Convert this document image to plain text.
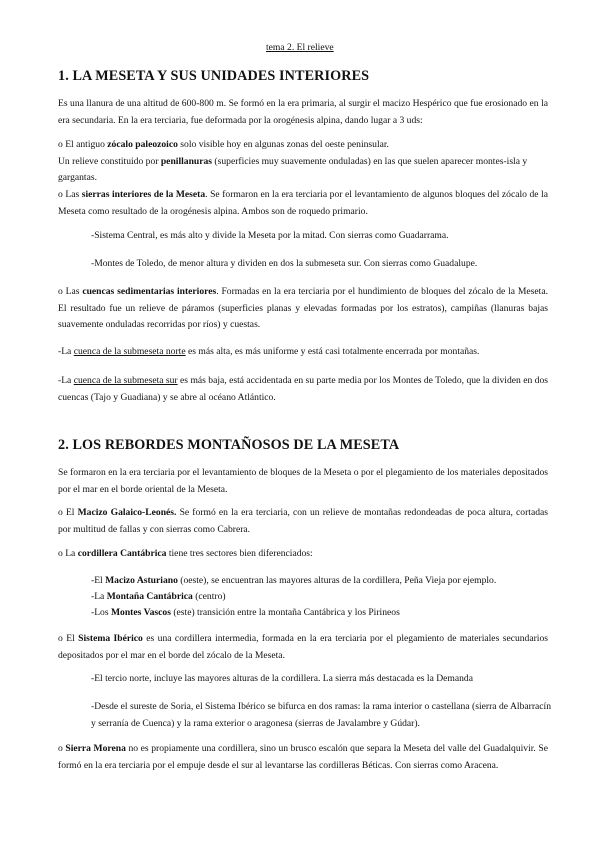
tema 2. El relieve
1. LA MESETA Y SUS UNIDADES INTERIORES

Es una llanura de una altitud de 600-800 m. Se formó en la era primaria, al surgir el macizo Hespérico que fue erosionado en la era secundaria. En la era terciaria, fue deformada por la orogénesis alpina, dando lugar a 3 uds:

o El antiguo zócalo paleozoico solo visible hoy en algunas zonas del oeste peninsular.
Un relieve constituido por penillanuras (superficies muy suavemente onduladas) en las que suelen aparecer montes-isla y gargantas.

o Las sierras interiores de la Meseta. Se formaron en la era terciaria por el levantamiento de algunos bloques del zócalo de la Meseta como resultado de la orogénesis alpina. Ambos son de roquedo primario.

-Sistema Central, es más alto y divide la Meseta por la mitad. Con sierras como Guadarrama.

-Montes de Toledo, de menor altura y dividen en dos la submeseta sur. Con sierras como Guadalupe.

o Las cuencas sedimentarias interiores. Formadas en la era terciaria por el hundimiento de bloques del zócalo de la Meseta. El resultado fue un relieve de páramos (superficies planas y elevadas formadas por los estratos), campiñas (llanuras bajas suavemente onduladas recorridas por ríos) y cuestas.

-La cuenca de la submeseta norte es más alta, es más uniforme y está casi totalmente encerrada por montañas.

-La cuenca de la submeseta sur es más baja, está accidentada en su parte media por los Montes de Toledo, que la dividen en dos cuencas (Tajo y Guadiana) y se abre al océano Atlántico.

2. LOS REBORDES MONTAÑOSOS DE LA MESETA

Se formaron en la era terciaria por el levantamiento de bloques de la Meseta o por el plegamiento de los materiales depositados por el mar en el borde oriental de la Meseta.

o El Macizo Galaico-Leonés. Se formó en la era terciaria, con un relieve de montañas redondeadas de poca altura, cortadas por multitud de fallas y con sierras como Cabrera.

o La cordillera Cantábrica tiene tres sectores bien diferenciados:

-El Macizo Asturiano (oeste), se encuentran las mayores alturas de la cordillera, Peña Vieja por ejemplo.

-La Montaña Cantábrica (centro)

-Los Montes Vascos (este) transición entre la montaña Cantábrica y los Pirineos

o El Sistema Ibérico es una cordillera intermedia, formada en la era terciaria por el plegamiento de materiales secundarios depositados por el mar en el borde del zócalo de la Meseta.

-El tercio norte, incluye las mayores alturas de la cordillera. La sierra más destacada es la Demanda

-Desde el sureste de Soria, el Sistema Ibérico se bifurca en dos ramas: la rama interior o castellana (sierra de Albarracín y serranía de Cuenca) y la rama exterior o aragonesa (sierras de Javalambre y Gúdar).

o Sierra Morena no es propiamente una cordillera, sino un brusco escalón que separa la Meseta del valle del Guadalquivir. Se formó en la era terciaria por el empuje desde el sur al levantarse las cordilleras Béticas. Con sierras como Aracena.
